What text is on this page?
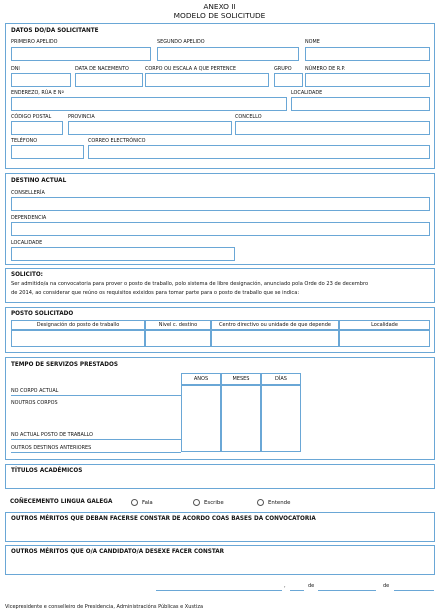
ANEXO II
MODELO DE SOLICITUDE
DATOS DO/DA SOLICITANTE
PRIMEIRO APELIDO	SEGUNDO APELIDO	NOME
DNI	DATA DE NACEMENTO	CORPO OU ESCALA A QUE PERTENCE	GRUPO	NÚMERO DE R.P.
ENDEREZO, RÚA E Nº	LOCALIDADE
CÓDIGO POSTAL	PROVINCIA	CONCELLO
TELÉFONO	CORREO ELECTRÓNICO
DESTINO ACTUAL
CONSELLERÍA
DEPENDENCIA
LOCALIDADE
SOLICITO:
Ser admitido/a na convocatoria para prover o posto de traballo, polo sistema de libre designación, anunciado pola Orde do 23 de decembro
de 2014, ao considerar que reúno os requisitos exixidos para tomar parte para o posto de traballo que se indica:
POSTO SOLICITADO
Designación do posto de traballo	Nivel c. destino	Centro directivo ou unidade de que depende	Localidade
TEMPO DE SERVIZOS PRESTADOS
ANOS	MESES	DÍAS
NO CORPO ACTUAL
NOUTROS CORPOS
NO ACTUAL POSTO DE TRABALLO
OUTROS DESTINOS ANTERIORES
TÍTULOS ACADÉMICOS
COÑECEMENTO LINGUA GALEGA	Fala	Escribe	Entende
OUTROS MÉRITOS QUE DEBAN FACERSE CONSTAR DE ACORDO COAS BASES DA CONVOCATORIA
OUTROS MÉRITOS QUE O/A CANDIDATO/A DESEXE FACER CONSTAR
,	de	de
Vicepresidente e conselleiro de Presidencia, Administracións Públicas e Xustiza
